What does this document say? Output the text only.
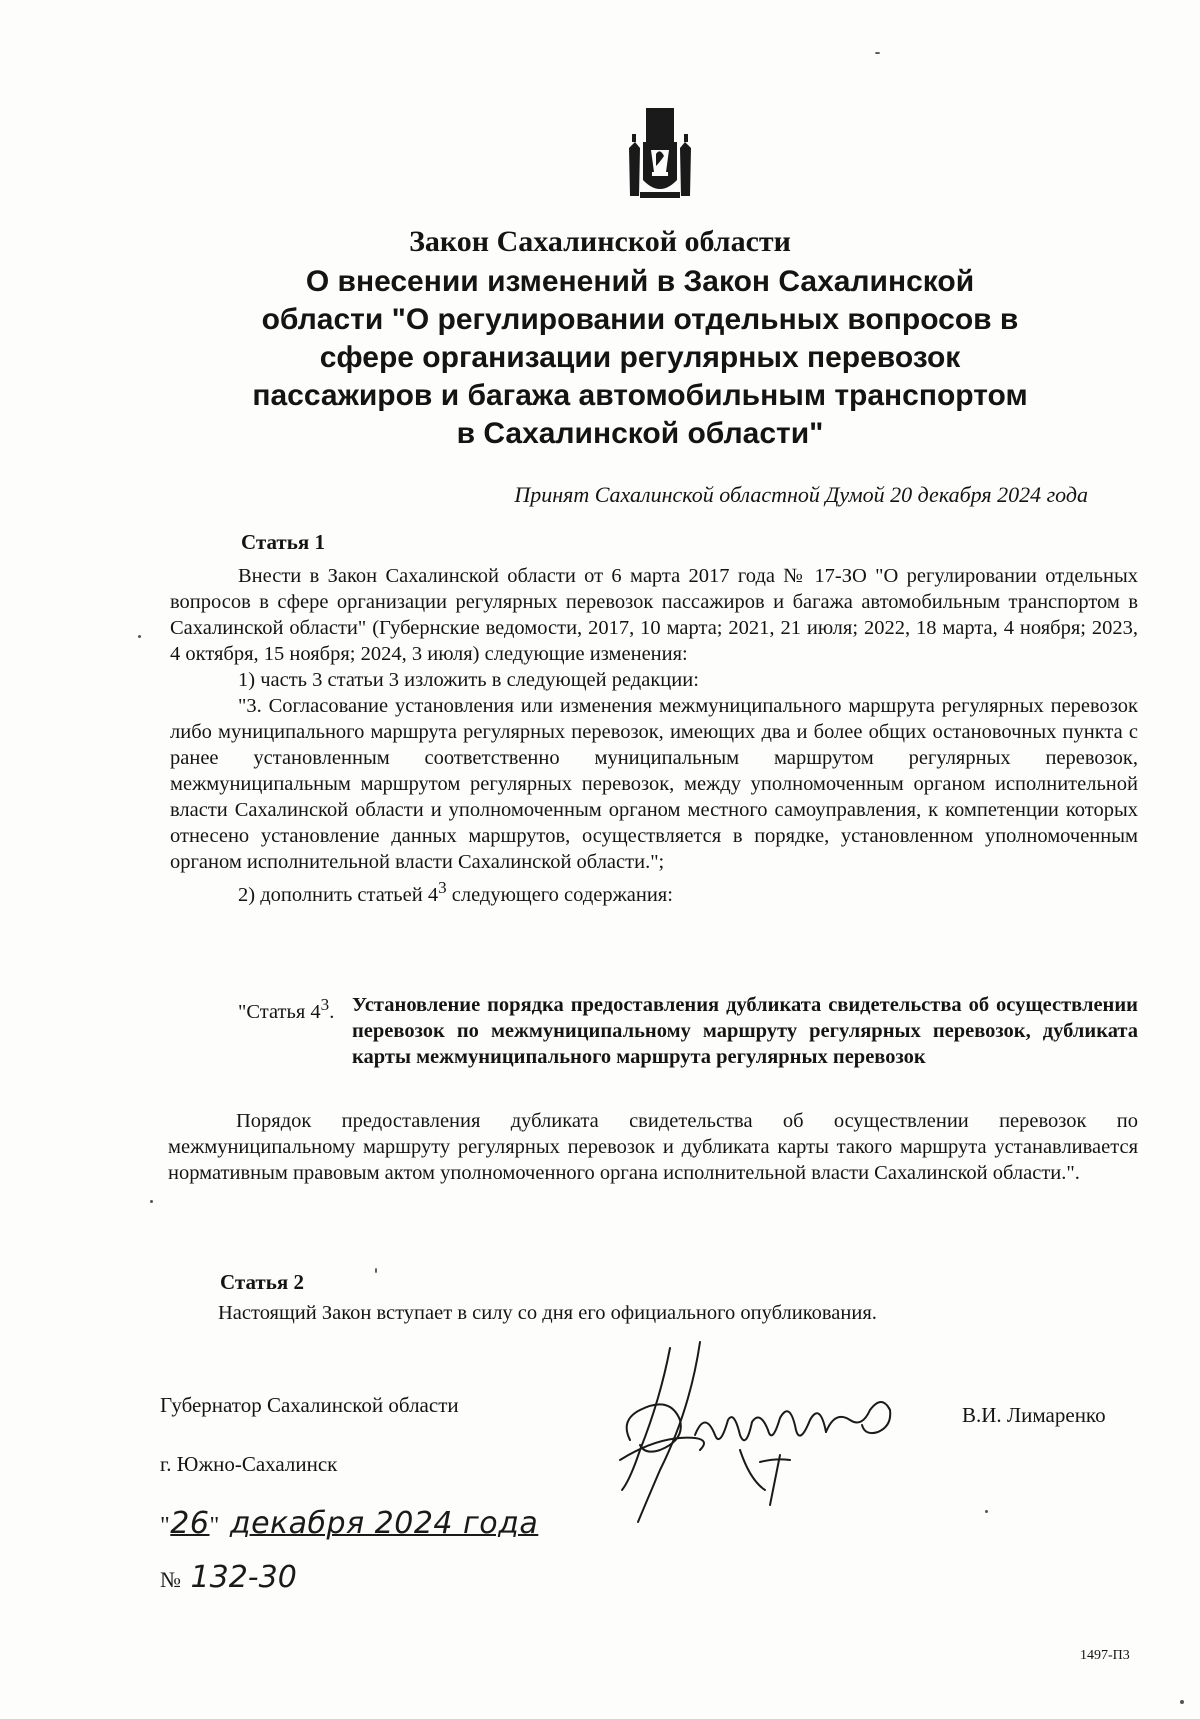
Закон Сахалинской области
О внесении изменений в Закон Сахалинской
области "О регулировании отдельных вопросов в
сфере организации регулярных перевозок
пассажиров и багажа автомобильным транспортом
в Сахалинской области"
Принят Сахалинской областной Думой 20 декабря 2024 года
Статья 1

Внести в Закон Сахалинской области от 6 марта 2017 года № 17-ЗО "О регулировании отдельных вопросов в сфере организации регулярных перевозок пассажиров и багажа автомобильным транспортом в Сахалинской области" (Губернские ведомости, 2017, 10 марта; 2021, 21 июля; 2022, 18 марта, 4 ноября; 2023, 4 октября, 15 ноября; 2024, 3 июля) следующие изменения:

1) часть 3 статьи 3 изложить в следующей редакции:

"3. Согласование установления или изменения межмуниципального маршрута регулярных перевозок либо муниципального маршрута регулярных перевозок, имеющих два и более общих остановочных пункта с ранее установленным соответственно муниципальным маршрутом регулярных перевозок, межмуниципальным маршрутом регулярных перевозок, между уполномоченным органом исполнительной власти Сахалинской области и уполномоченным органом местного самоуправления, к компетенции которых отнесено установление данных маршрутов, осуществляется в порядке, установленном уполномоченным органом исполнительной власти Сахалинской области.";

2) дополнить статьей $4^3$ следующего содержания:

"Статья $4^3$. Установление порядка предоставления дубликата свидетельства об осуществлении перевозок по межмуниципальному маршруту регулярных перевозок, дубликата карты межмуниципального маршрута регулярных перевозок

Порядок предоставления дубликата свидетельства об осуществлении перевозок по межмуниципальному маршруту регулярных перевозок и дубликата карты такого маршрута устанавливается нормативным правовым актом уполномоченного органа исполнительной власти Сахалинской области.".

Статья 2
Настоящий Закон вступает в силу со дня его официального опубликования.
Губернатор Сахалинской области	В.И. Лимаренко
г. Южно-Сахалинск
"26" декабря 2024 года
№ 132-30
1497-П3
